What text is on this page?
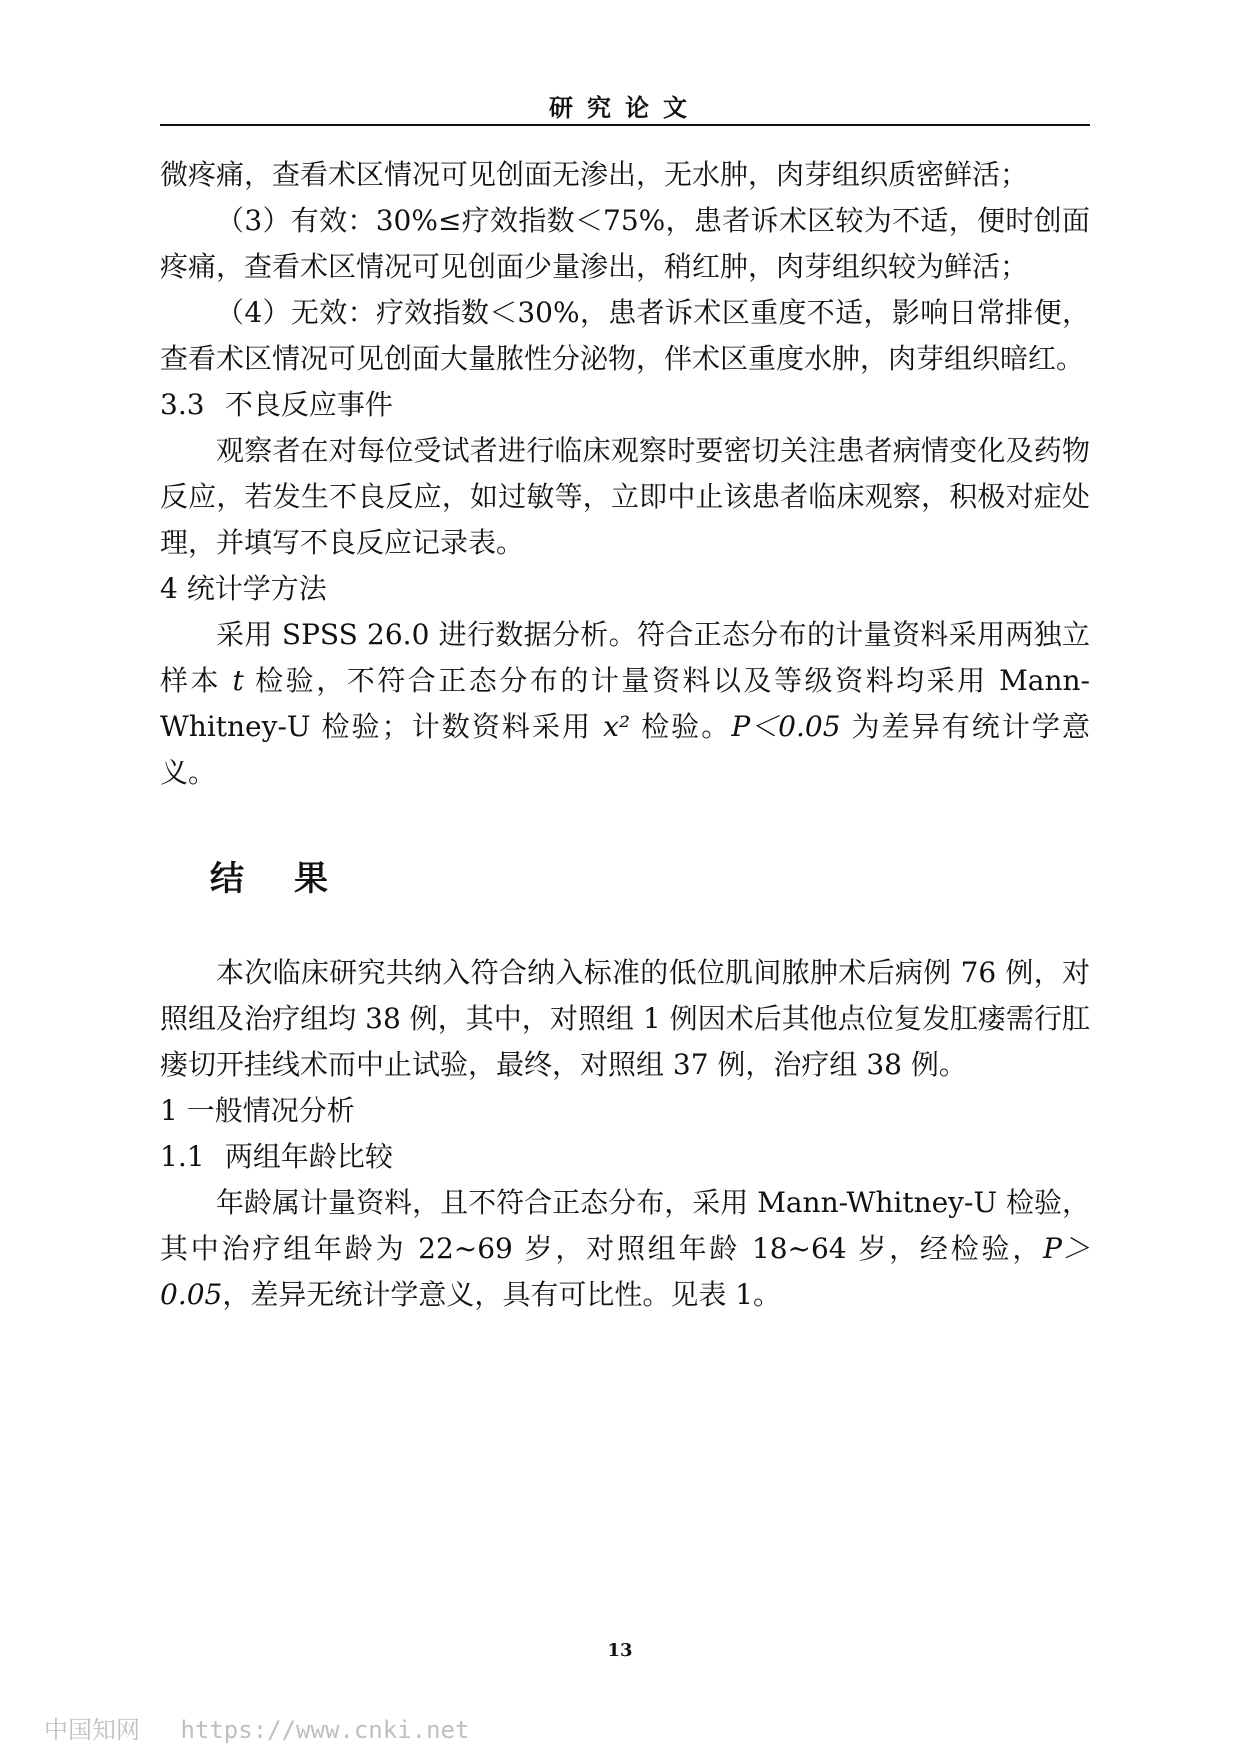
研究论文

微疼痛，查看术区情况可见创面无渗出，无水肿，肉芽组织质密鲜活；

（3）有效：30%≤疗效指数＜75%，患者诉术区较为不适，便时创面疼痛，查看术区情况可见创面少量渗出，稍红肿，肉芽组织较为鲜活；

（4）无效：疗效指数＜30%，患者诉术区重度不适，影响日常排便，查看术区情况可见创面大量脓性分泌物，伴术区重度水肿，肉芽组织暗红。

3.3 不良反应事件

观察者在对每位受试者进行临床观察时要密切关注患者病情变化及药物反应，若发生不良反应，如过敏等，立即中止该患者临床观察，积极对症处理，并填写不良反应记录表。

4 统计学方法

采用 SPSS 26.0 进行数据分析。符合正态分布的计量资料采用两独立样本 t 检验，不符合正态分布的计量资料以及等级资料均采用 Mann-Whitney-U 检验；计数资料采用 x² 检验。P＜0.05 为差异有统计学意义。

结果

本次临床研究共纳入符合纳入标准的低位肌间脓肿术后病例 76 例，对照组及治疗组均 38 例，其中，对照组 1 例因术后其他点位复发肛瘘需行肛瘘切开挂线术而中止试验，最终，对照组 37 例，治疗组 38 例。

1 一般情况分析

1.1 两组年龄比较

年龄属计量资料，且不符合正态分布，采用 Mann-Whitney-U 检验，其中治疗组年龄为 22~69 岁，对照组年龄 18~64 岁，经检验，P＞0.05，差异无统计学意义，具有可比性。见表 1。

13
中国知网 https://www.cnki.net
